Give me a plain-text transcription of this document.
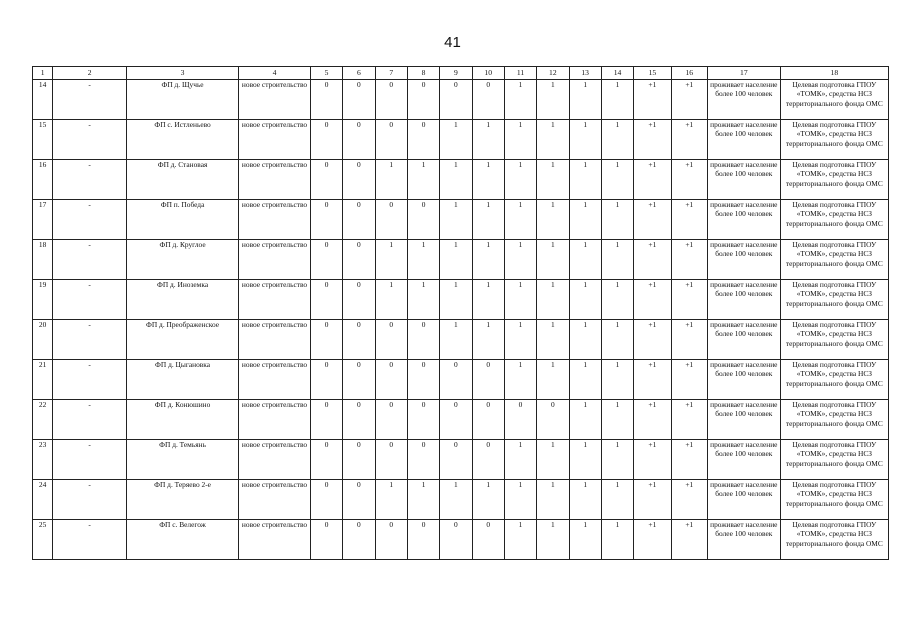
41
1	2	3	4	5	6	7	8	9	10	11	12	13	14	15	16	17	18
14	-	ФП д. Щучье	новое строительство	0	0	0	0	0	0	1	1	1	1	+1	+1	проживает население более 100 человек	Целевая подготовка ГПОУ «ТОМК», средства НСЗ территориального фонда ОМС
15	-	ФП с. Истленьево	новое строительство	0	0	0	0	1	1	1	1	1	1	+1	+1	проживает население более 100 человек	Целевая подготовка ГПОУ «ТОМК», средства НСЗ территориального фонда ОМС
16	-	ФП д. Становая	новое строительство	0	0	1	1	1	1	1	1	1	1	+1	+1	проживает население более 100 человек	Целевая подготовка ГПОУ «ТОМК», средства НСЗ территориального фонда ОМС
17	-	ФП п. Победа	новое строительство	0	0	0	0	1	1	1	1	1	1	+1	+1	проживает население более 100 человек	Целевая подготовка ГПОУ «ТОМК», средства НСЗ территориального фонда ОМС
18	-	ФП д. Круглое	новое строительство	0	0	1	1	1	1	1	1	1	1	+1	+1	проживает население более 100 человек	Целевая подготовка ГПОУ «ТОМК», средства НСЗ территориального фонда ОМС
19	-	ФП д. Иноземка	новое строительство	0	0	1	1	1	1	1	1	1	1	+1	+1	проживает население более 100 человек	Целевая подготовка ГПОУ «ТОМК», средства НСЗ территориального фонда ОМС
20	-	ФП д. Преображенское	новое строительство	0	0	0	0	1	1	1	1	1	1	+1	+1	проживает население более 100 человек	Целевая подготовка ГПОУ «ТОМК», средства НСЗ территориального фонда ОМС
21	-	ФП д. Цыгановка	новое строительство	0	0	0	0	0	0	1	1	1	1	+1	+1	проживает население более 100 человек	Целевая подготовка ГПОУ «ТОМК», средства НСЗ территориального фонда ОМС
22	-	ФП д. Конюшино	новое строительство	0	0	0	0	0	0	0	0	1	1	+1	+1	проживает население более 100 человек	Целевая подготовка ГПОУ «ТОМК», средства НСЗ территориального фонда ОМС
23	-	ФП д. Темьянь	новое строительство	0	0	0	0	0	0	1	1	1	1	+1	+1	проживает население более 100 человек	Целевая подготовка ГПОУ «ТОМК», средства НСЗ территориального фонда ОМС
24	-	ФП д. Теряево 2-е	новое строительство	0	0	1	1	1	1	1	1	1	1	+1	+1	проживает население более 100 человек	Целевая подготовка ГПОУ «ТОМК», средства НСЗ территориального фонда ОМС
25	-	ФП с. Велегож	новое строительство	0	0	0	0	0	0	1	1	1	1	+1	+1	проживает население более 100 человек	Целевая подготовка ГПОУ «ТОМК», средства НСЗ территориального фонда ОМС
